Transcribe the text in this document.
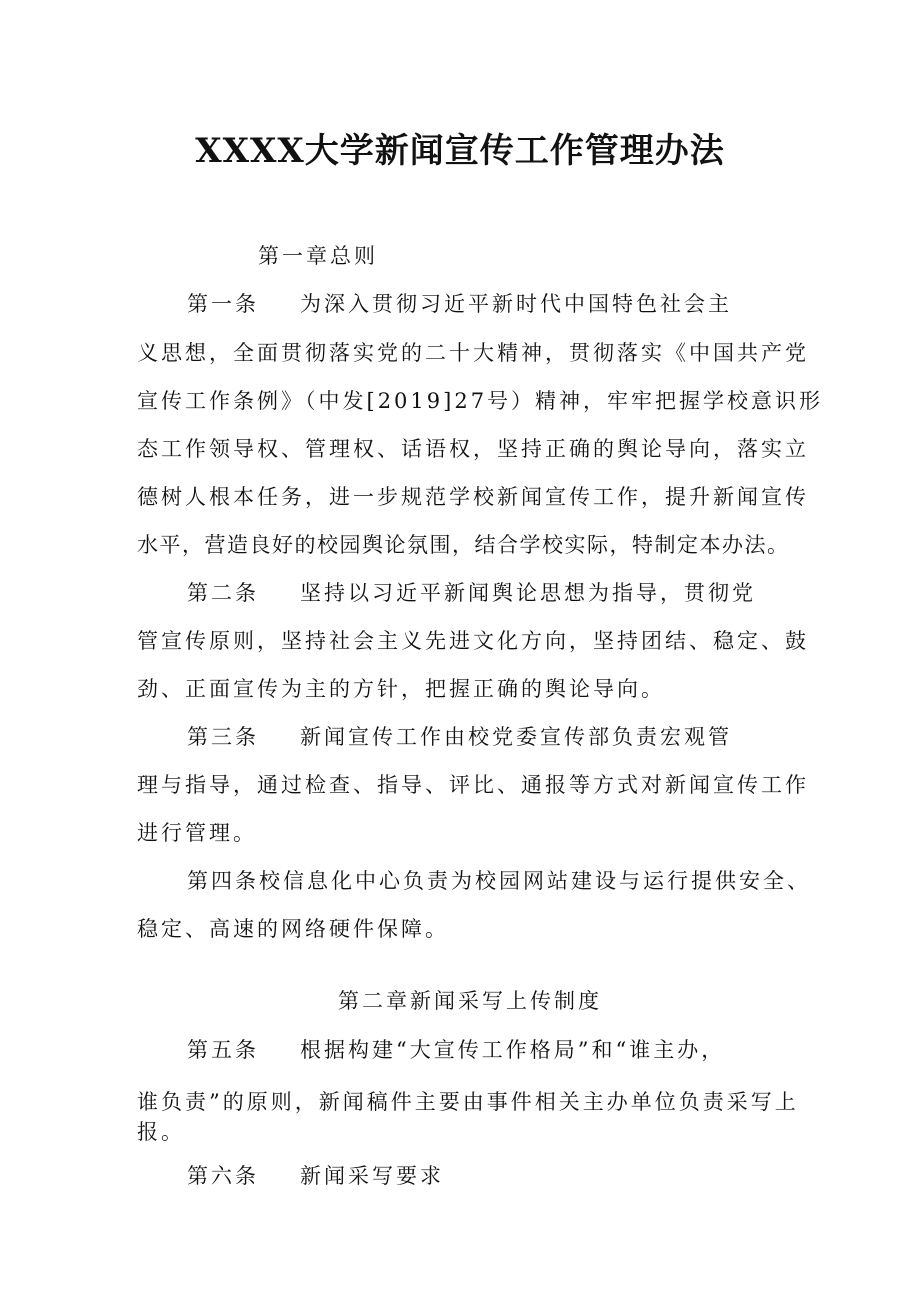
XXXX大学新闻宣传工作管理办法
第一章总则
第一条 为深入贯彻习近平新时代中国特色社会主
义思想，全面贯彻落实党的二十大精神，贯彻落实《中国共产党
宣传工作条例》（中发[2019]27号）精神，牢牢把握学校意识形
态工作领导权、管理权、话语权，坚持正确的舆论导向，落实立
德树人根本任务，进一步规范学校新闻宣传工作，提升新闻宣传
水平，营造良好的校园舆论氛围，结合学校实际，特制定本办法。
第二条 坚持以习近平新闻舆论思想为指导，贯彻党
管宣传原则，坚持社会主义先进文化方向，坚持团结、稳定、鼓
劲、正面宣传为主的方针，把握正确的舆论导向。
第三条 新闻宣传工作由校党委宣传部负责宏观管
理与指导，通过检查、指导、评比、通报等方式对新闻宣传工作
进行管理。
第四条校信息化中心负责为校园网站建设与运行提供安全、
稳定、高速的网络硬件保障。
第二章新闻采写上传制度
第五条 根据构建“大宣传工作格局”和“谁主办，
谁负责”的原则，新闻稿件主要由事件相关主办单位负责采写上
报。
第六条 新闻采写要求
